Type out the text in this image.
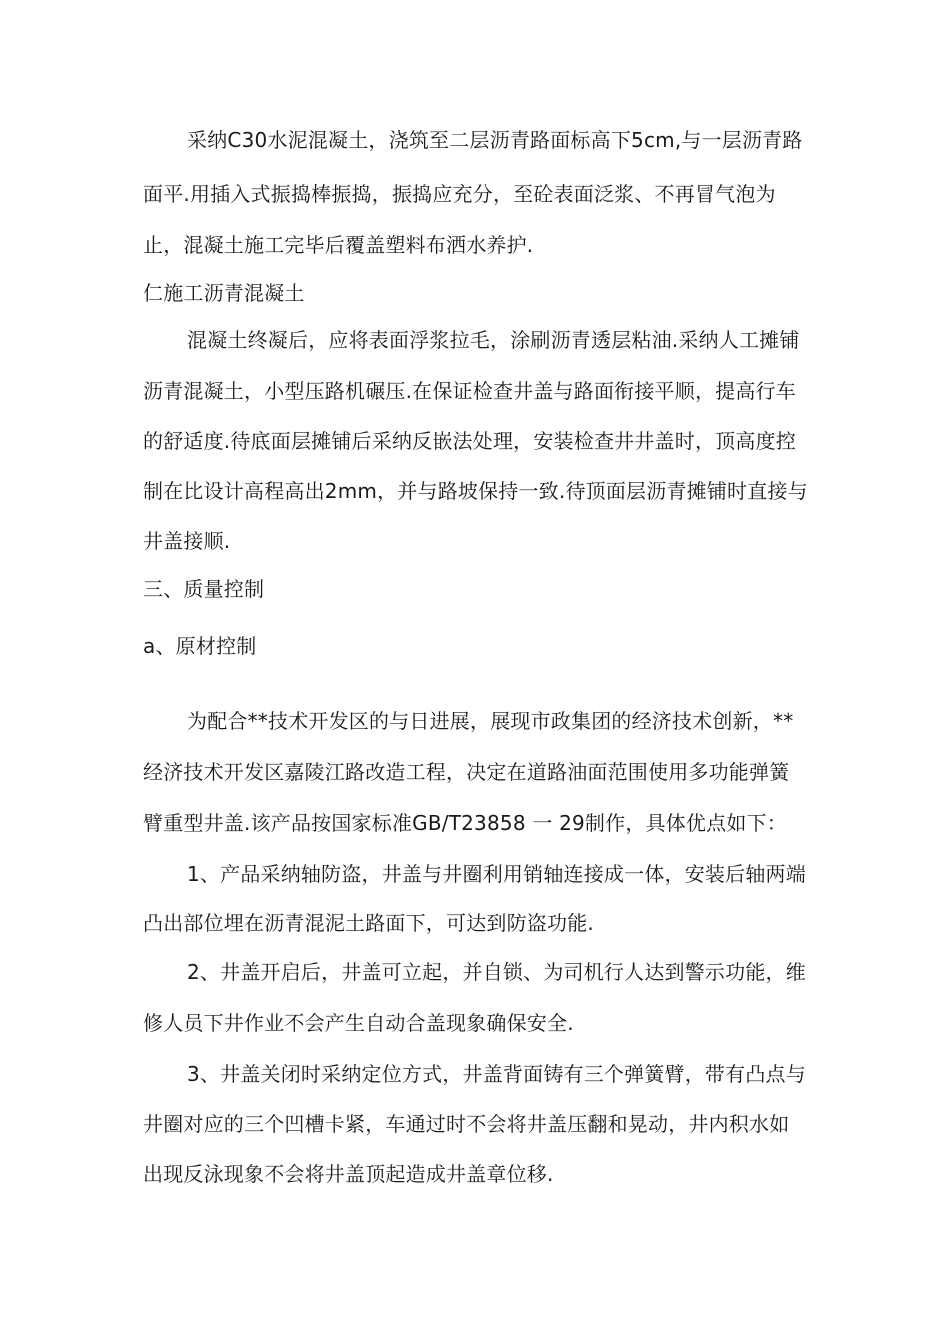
采纳C30水泥混凝土，浇筑至二层沥青路面标高下5cm,与一层沥青路
面平.用插入式振捣棒振捣，振捣应充分，至砼表面泛浆、不再冒气泡为
止，混凝土施工完毕后覆盖塑料布洒水养护.
仁施工沥青混凝土
混凝土终凝后，应将表面浮浆拉毛，涂刷沥青透层粘油.采纳人工摊铺
沥青混凝土，小型压路机碾压.在保证检查井盖与路面衔接平顺，提高行车
的舒适度.待底面层摊铺后采纳反嵌法处理，安装检查井井盖时，顶高度控
制在比设计高程高出2mm，并与路坡保持一致.待顶面层沥青摊铺时直接与
井盖接顺.
三、质量控制
a、原材控制
为配合**技术开发区的与日进展，展现市政集团的经济技术创新，**
经济技术开发区嘉陵江路改造工程，决定在道路油面范围使用多功能弹簧
臂重型井盖.该产品按国家标准GB/T23858 一 29制作，具体优点如下：
1、产品采纳轴防盗，井盖与井圈利用销轴连接成一体，安装后轴两端
凸出部位埋在沥青混泥土路面下，可达到防盗功能.
2、井盖开启后，井盖可立起，并自锁、为司机行人达到警示功能，维
修人员下井作业不会产生自动合盖现象确保安全.
3、井盖关闭时采纳定位方式，井盖背面铸有三个弹簧臂，带有凸点与
井圈对应的三个凹槽卡紧，车通过时不会将井盖压翻和晃动，井内积水如
出现反泳现象不会将井盖顶起造成井盖章位移.
